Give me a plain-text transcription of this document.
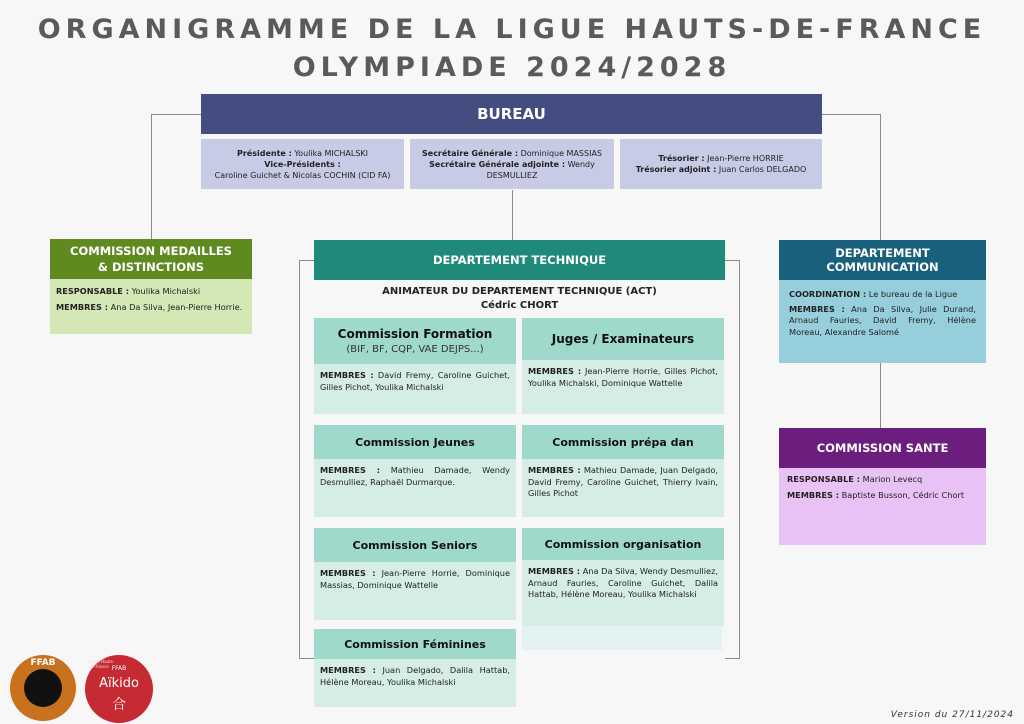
ORGANIGRAMME DE LA LIGUE HAUTS-DE-FRANCE
OLYMPIADE 2024/2028
BUREAU
Présidente : Youlika MICHALSKI
Vice-Présidents :
Caroline Guichet & Nicolas COCHIN (CID FA)
Secrétaire Générale : Dominique MASSIAS
Secrétaire Générale adjointe : Wendy DESMULLIEZ
Trésorier : Jean-Pierre HORRIE
Trésorier adjoint : Juan Carlos DELGADO
COMMISSION MEDAILLES
& DISTINCTIONS
RESPONSABLE : Youlika Michalski
MEMBRES : Ana Da Silva, Jean-Pierre Horrie.
DEPARTEMENT TECHNIQUE
ANIMATEUR DU DEPARTEMENT TECHNIQUE (ACT)
Cédric CHORT
Commission Formation
(BIF, BF, CQP, VAE DEJPS...)
MEMBRES : David Fremy, Caroline Guichet, Gilles Pichot, Youlika Michalski
Juges / Examinateurs
MEMBRES : Jean-Pierre Horrie, Gilles Pichot, Youlika Michalski, Dominique Wattelle
Commission Jeunes
MEMBRES : Mathieu Damade, Wendy Desmulliez, Raphaël Durmarque.
Commission prépa dan
MEMBRES : Mathieu Damade, Juan Delgado, David Fremy, Caroline Guichet, Thierry Ivain, Gilles Pichot
Commission Seniors
MEMBRES : Jean-Pierre Horrie, Dominique Massias, Dominique Wattelle
Commission organisation
MEMBRES : Ana Da Silva, Wendy Desmulliez, Arnaud Fauries, Caroline Guichet, Dalila Hattab, Hélène Moreau, Youlika Michalski
Commission Féminines
MEMBRES : Juan Delgado, Dalila Hattab, Hélène Moreau, Youlika Michalski
DEPARTEMENT COMMUNICATION
COORDINATION : Le bureau de la Ligue
MEMBRES : Ana Da Silva, Julie Durand, Arnaud Fauries, David Fremy, Hélène Moreau, Alexandre Salomé
COMMISSION SANTE
RESPONSABLE : Marion Levecq
MEMBRES : Baptiste Busson, Cédric Chort
FFAB	Ligue Hauts-de-France FFAB
Aïkido
合
Version du 27/11/2024
